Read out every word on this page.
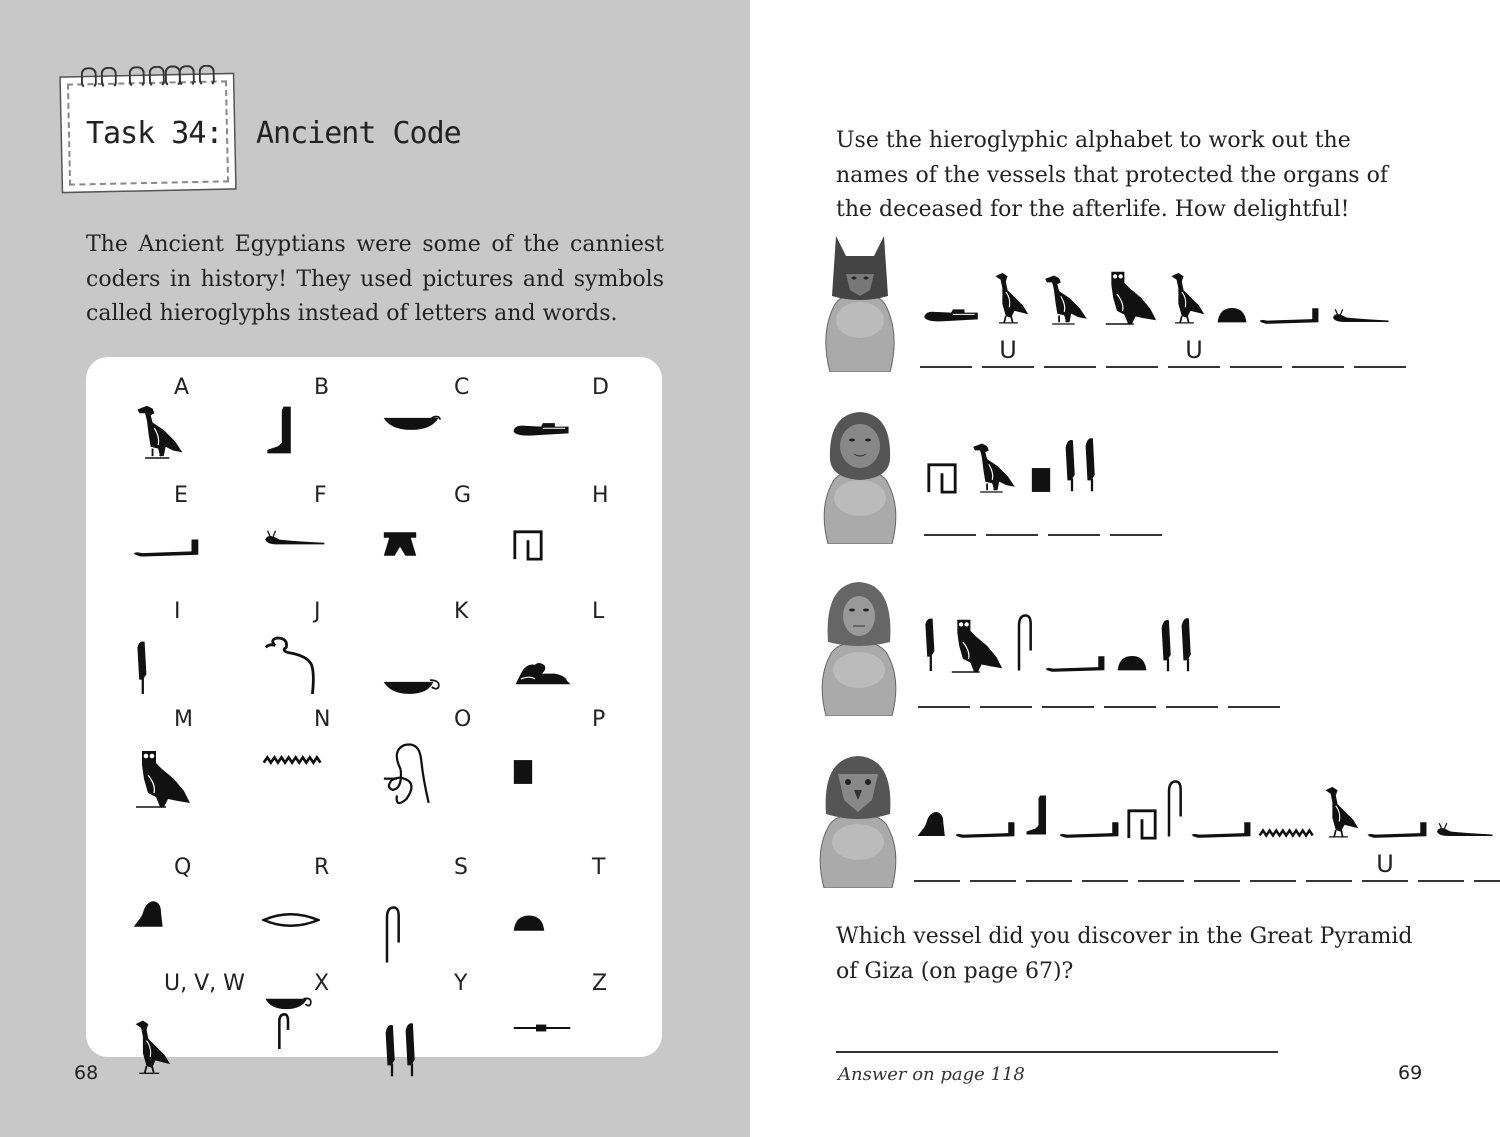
Task 34: Ancient Code
The Ancient Egyptians were some of the canniest coders in history! They used pictures and symbols called hieroglyphs instead of letters and words.
A	B	C	D
E	F	G	H
I	J	K	L
M	N	O	P
Q	R	S	T
U, V, W	X	Y	Z
68
Use the hieroglyphic alphabet to work out the names of the vessels that protected the organs of the deceased for the afterlife. How delightful!
U	U
U
Which vessel did you discover in the Great Pyramid of Giza (on page 67)?
Answer on page 118	69
